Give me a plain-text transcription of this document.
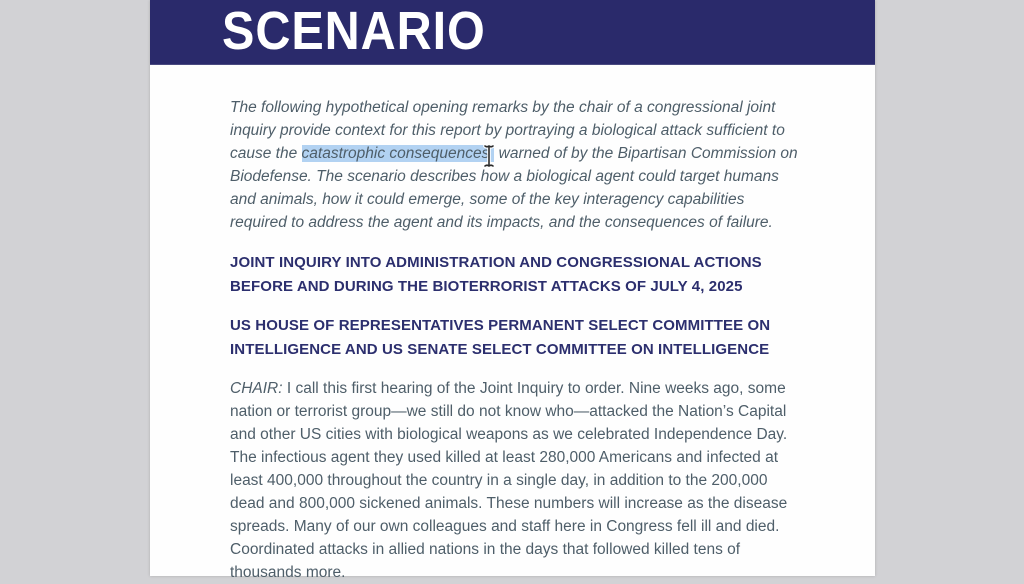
SCENARIO

The following hypothetical opening remarks by the chair of a congressional joint inquiry provide context for this report by portraying a biological attack sufficient to cause the catastrophic consequences warned of by the Bipartisan Commission on Biodefense. The scenario describes how a biological agent could target humans and animals, how it could emerge, some of the key interagency capabilities required to address the agent and its impacts, and the consequences of failure.

JOINT INQUIRY INTO ADMINISTRATION AND CONGRESSIONAL ACTIONS BEFORE AND DURING THE BIOTERRORIST ATTACKS OF JULY 4, 2025

US HOUSE OF REPRESENTATIVES PERMANENT SELECT COMMITTEE ON INTELLIGENCE AND US SENATE SELECT COMMITTEE ON INTELLIGENCE

CHAIR: I call this first hearing of the Joint Inquiry to order. Nine weeks ago, some nation or terrorist group—we still do not know who—attacked the Nation’s Capital and other US cities with biological weapons as we celebrated Independence Day. The infectious agent they used killed at least 280,000 Americans and infected at least 400,000 throughout the country in a single day, in addition to the 200,000 dead and 800,000 sickened animals. These numbers will increase as the disease spreads. Many of our own colleagues and staff here in Congress fell ill and died. Coordinated attacks in allied nations in the days that followed killed tens of thousands more.
